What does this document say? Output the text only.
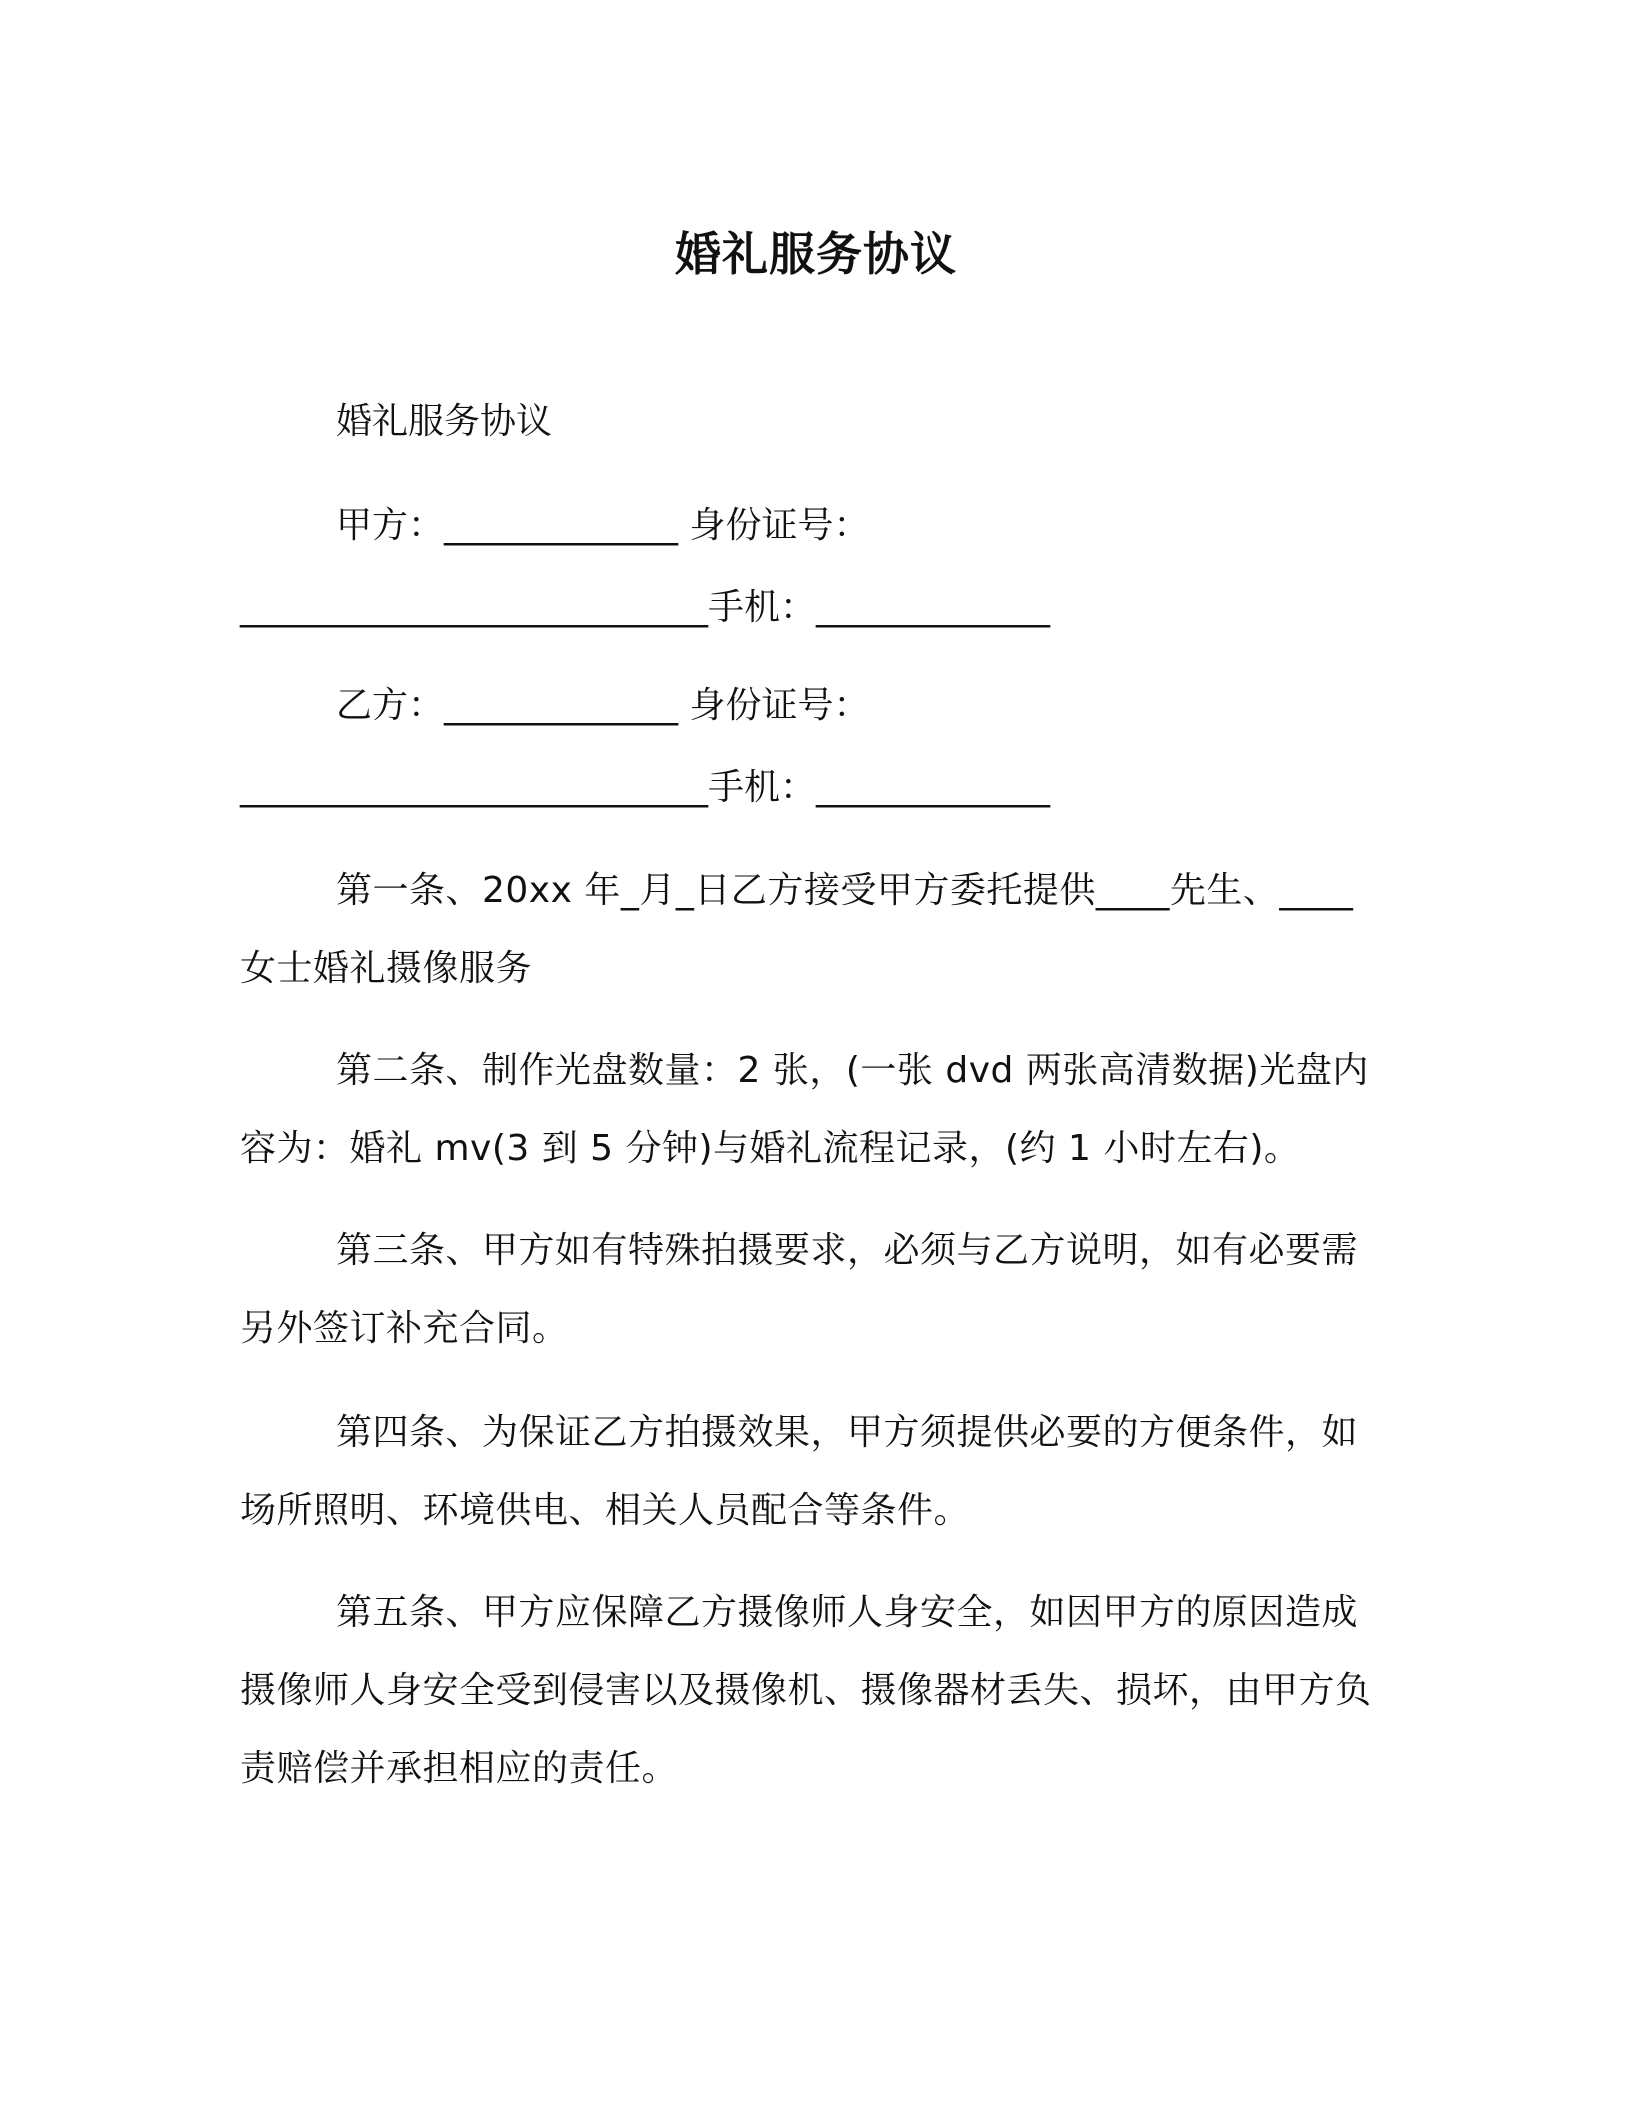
婚礼服务协议
婚礼服务协议
甲方：_____________ 身份证号：
__________________________手机：_____________
乙方：_____________ 身份证号：
__________________________手机：_____________

第一条、20xx 年_月_日乙方接受甲方委托提供____先生、____女士婚礼摄像服务

第二条、制作光盘数量：2 张，(一张 dvd 两张高清数据)光盘内容为：婚礼 mv(3 到 5 分钟)与婚礼流程记录，(约 1 小时左右)。

第三条、甲方如有特殊拍摄要求，必须与乙方说明，如有必要需另外签订补充合同。

第四条、为保证乙方拍摄效果，甲方须提供必要的方便条件，如场所照明、环境供电、相关人员配合等条件。

第五条、甲方应保障乙方摄像师人身安全，如因甲方的原因造成摄像师人身安全受到侵害以及摄像机、摄像器材丢失、损坏，由甲方负责赔偿并承担相应的责任。
